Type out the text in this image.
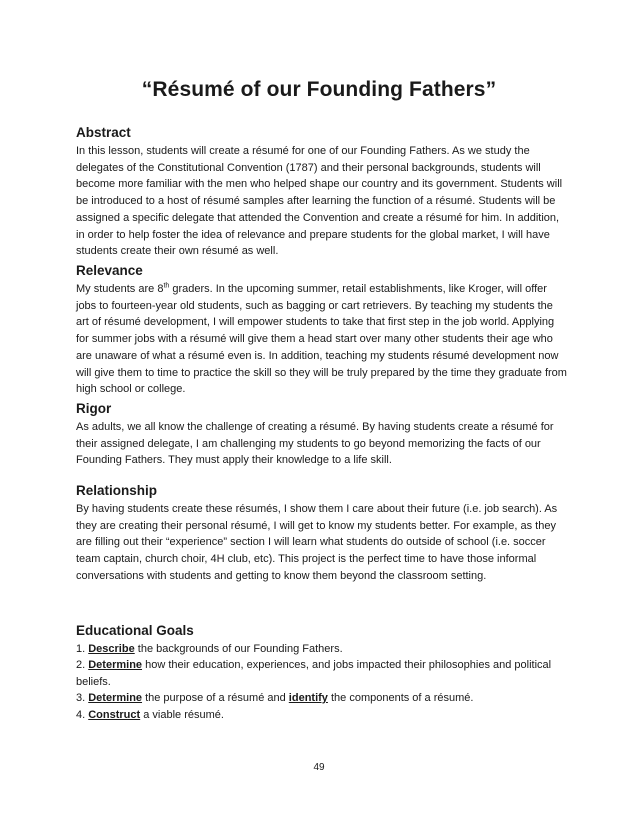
“Résumé of our Founding Fathers”
Abstract

In this lesson, students will create a résumé for one of our Founding Fathers. As we study the delegates of the Constitutional Convention (1787) and their personal backgrounds, students will become more familiar with the men who helped shape our country and its government. Students will be introduced to a host of résumé samples after learning the function of a résumé. Students will be assigned a specific delegate that attended the Convention and create a résumé for him. In addition, in order to help foster the idea of relevance and prepare students for the global market, I will have students create their own résumé as well.

Relevance

My students are 8th graders. In the upcoming summer, retail establishments, like Kroger, will offer jobs to fourteen-year old students, such as bagging or cart retrievers. By teaching my students the art of résumé development, I will empower students to take that first step in the job world. Applying for summer jobs with a résumé will give them a head start over many other students their age who are unaware of what a résumé even is. In addition, teaching my students résumé development now will give them to time to practice the skill so they will be truly prepared by the time they graduate from high school or college.

Rigor

As adults, we all know the challenge of creating a résumé. By having students create a résumé for their assigned delegate, I am challenging my students to go beyond memorizing the facts of our Founding Fathers. They must apply their knowledge to a life skill.

Relationship

By having students create these résumés, I show them I care about their future (i.e. job search). As they are creating their personal résumé, I will get to know my students better. For example, as they are filling out their “experience” section I will learn what students do outside of school (i.e. soccer team captain, church choir, 4H club, etc). This project is the perfect time to have those informal conversations with students and getting to know them beyond the classroom setting.

Educational Goals
1. Describe the backgrounds of our Founding Fathers.
2. Determine how their education, experiences, and jobs impacted their philosophies and political beliefs.
3. Determine the purpose of a résumé and identify the components of a résumé.
4. Construct a viable résumé.
49
